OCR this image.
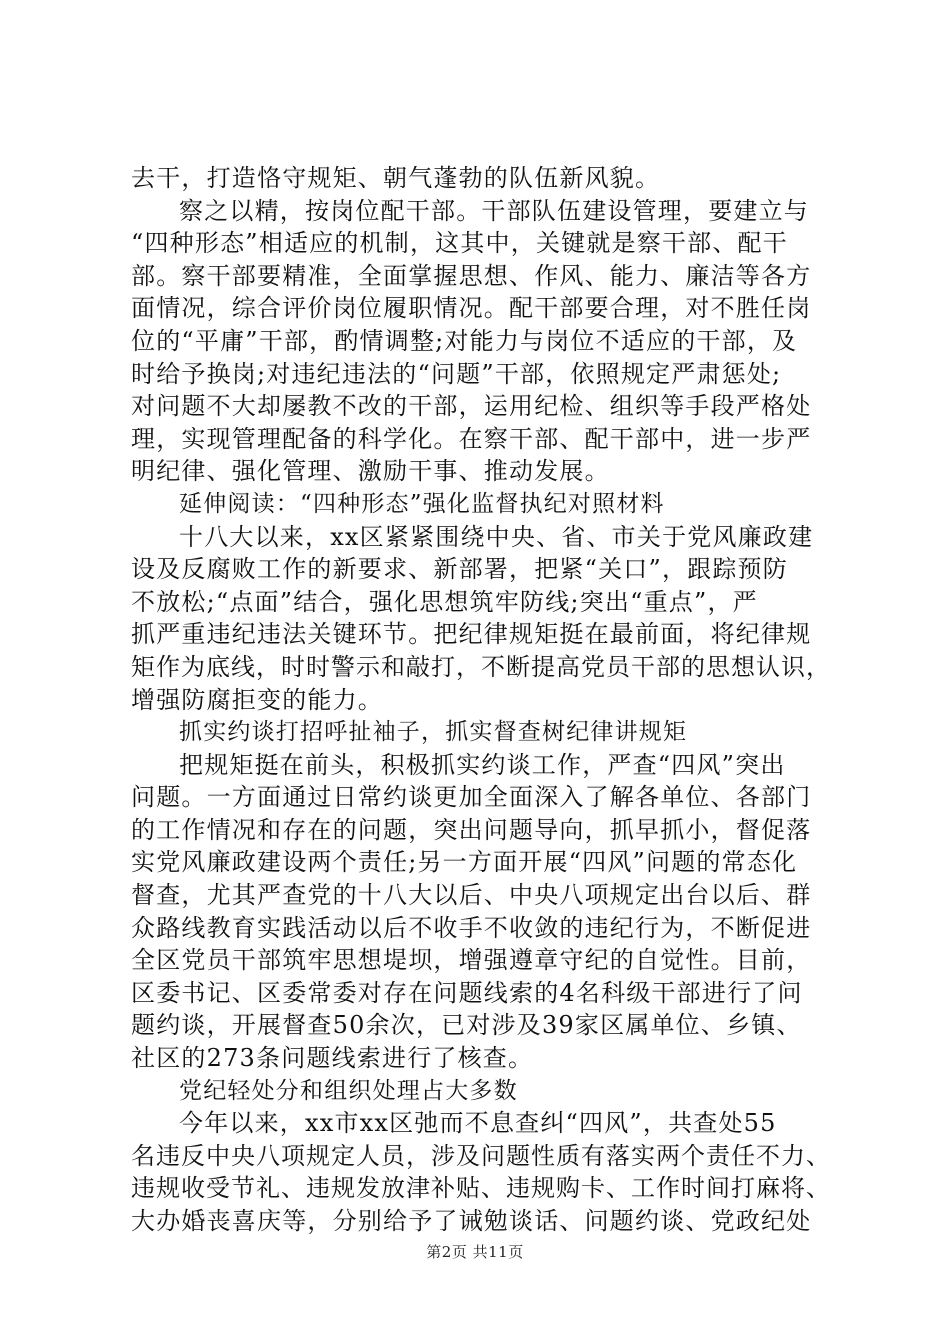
去干，打造恪守规矩、朝气蓬勃的队伍新风貌。
察之以精，按岗位配干部。干部队伍建设管理，要建立与
“四种形态”相适应的机制，这其中，关键就是察干部、配干
部。察干部要精准，全面掌握思想、作风、能力、廉洁等各方
面情况，综合评价岗位履职情况。配干部要合理，对不胜任岗
位的“平庸”干部，酌情调整;对能力与岗位不适应的干部，及
时给予换岗;对违纪违法的“问题”干部，依照规定严肃惩处;
对问题不大却屡教不改的干部，运用纪检、组织等手段严格处
理，实现管理配备的科学化。在察干部、配干部中，进一步严
明纪律、强化管理、激励干事、推动发展。
延伸阅读：“四种形态”强化监督执纪对照材料
十八大以来，xx区紧紧围绕中央、省、市关于党风廉政建
设及反腐败工作的新要求、新部署，把紧“关口”，跟踪预防
不放松;“点面”结合，强化思想筑牢防线;突出“重点”，严
抓严重违纪违法关键环节。把纪律规矩挺在最前面，将纪律规
矩作为底线，时时警示和敲打，不断提高党员干部的思想认识，
增强防腐拒变的能力。
抓实约谈打招呼扯袖子，抓实督查树纪律讲规矩
把规矩挺在前头，积极抓实约谈工作，严查“四风”突出
问题。一方面通过日常约谈更加全面深入了解各单位、各部门
的工作情况和存在的问题，突出问题导向，抓早抓小，督促落
实党风廉政建设两个责任;另一方面开展“四风”问题的常态化
督查，尤其严查党的十八大以后、中央八项规定出台以后、群
众路线教育实践活动以后不收手不收敛的违纪行为，不断促进
全区党员干部筑牢思想堤坝，增强遵章守纪的自觉性。目前，
区委书记、区委常委对存在问题线索的4名科级干部进行了问
题约谈，开展督查50余次，已对涉及39家区属单位、乡镇、
社区的273条问题线索进行了核查。
党纪轻处分和组织处理占大多数
今年以来，xx市xx区弛而不息查纠“四风”，共查处55
名违反中央八项规定人员，涉及问题性质有落实两个责任不力、
违规收受节礼、违规发放津补贴、违规购卡、工作时间打麻将、
大办婚丧喜庆等，分别给予了诫勉谈话、问题约谈、党政纪处
第2页 共11页
